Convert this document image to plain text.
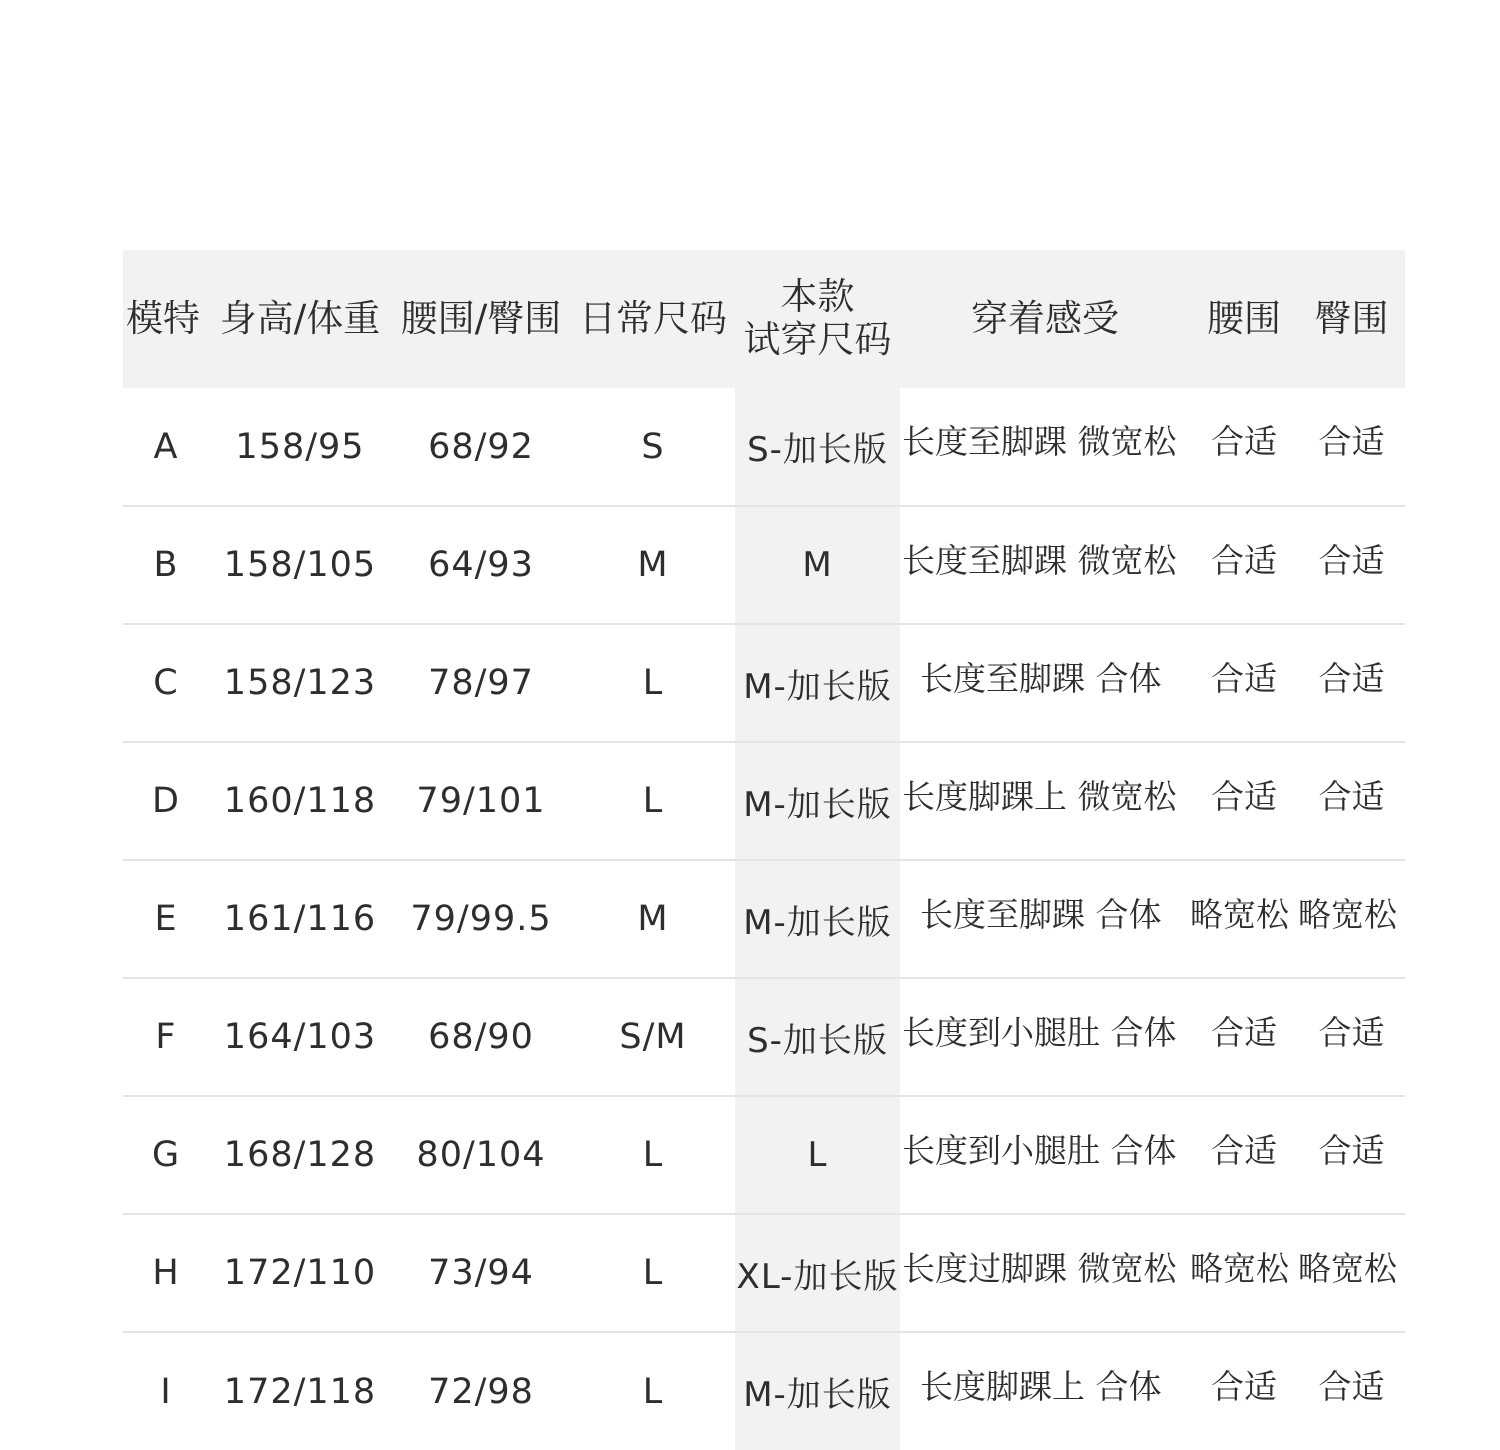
模特	身高/体重	腰围/臀围	日常尺码	本款
试穿尺码	穿着感受	腰围	臀围
A	158/95	68/92	S	S-加长版	长度至脚踝 微宽松	合适	合适
B	158/105	64/93	M	M	长度至脚踝 微宽松	合适	合适
C	158/123	78/97	L	M-加长版	长度至脚踝 合体	合适	合适
D	160/118	79/101	L	M-加长版	长度脚踝上 微宽松	合适	合适
E	161/116	79/99.5	M	M-加长版	长度至脚踝 合体	略宽松	略宽松
F	164/103	68/90	S/M	S-加长版	长度到小腿肚 合体	合适	合适
G	168/128	80/104	L	L	长度到小腿肚 合体	合适	合适
H	172/110	73/94	L	XL-加长版	长度过脚踝 微宽松	略宽松	略宽松
I	172/118	72/98	L	M-加长版	长度脚踝上 合体	合适	合适
